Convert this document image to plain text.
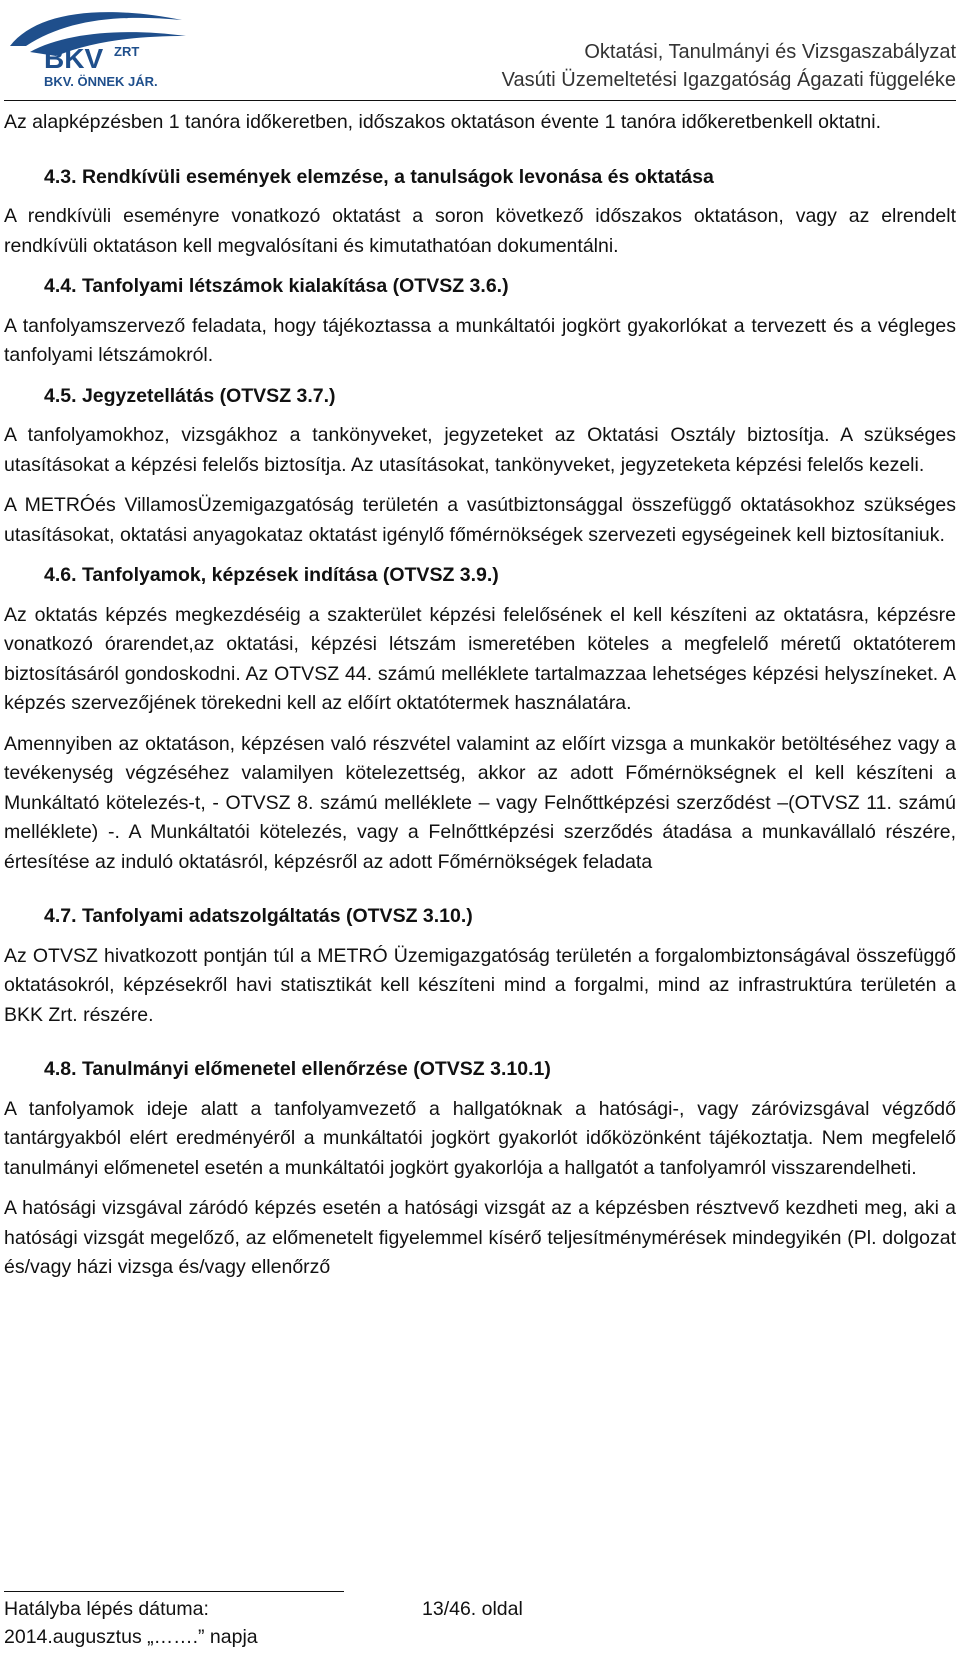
BKV ZRT
BKV. ÖNNEK JÁR.
Oktatási, Tanulmányi és Vizsgaszabályzat
Vasúti Üzemeltetési Igazgatóság Ágazati függeléke

Az alapképzésben 1 tanóra időkeretben, időszakos oktatáson évente 1 tanóra időkeretbenkell oktatni.

4.3. Rendkívüli események elemzése, a tanulságok levonása és oktatása

A rendkívüli eseményre vonatkozó oktatást a soron következő időszakos oktatáson, vagy az elrendelt rendkívüli oktatáson kell megvalósítani és kimutathatóan dokumentálni.

4.4. Tanfolyami létszámok kialakítása (OTVSZ 3.6.)

A tanfolyamszervező feladata, hogy tájékoztassa a munkáltatói jogkört gyakorlókat a tervezett és a végleges tanfolyami létszámokról.

4.5. Jegyzetellátás (OTVSZ 3.7.)

A tanfolyamokhoz, vizsgákhoz a tankönyveket, jegyzeteket az Oktatási Osztály biztosítja. A szükséges utasításokat a képzési felelős biztosítja. Az utasításokat, tankönyveket, jegyzeteketa képzési felelős kezeli.

A METRÓés VillamosÜzemigazgatóság területén a vasútbiztonsággal összefüggő oktatásokhoz szükséges utasításokat, oktatási anyagokataz oktatást igénylő főmérnökségek szervezeti egységeinek kell biztosítaniuk.

4.6. Tanfolyamok, képzések indítása (OTVSZ 3.9.)

Az oktatás képzés megkezdéséig a szakterület képzési felelősének el kell készíteni az oktatásra, képzésre vonatkozó órarendet,az oktatási, képzési létszám ismeretében köteles a megfelelő méretű oktatóterem biztosításáról gondoskodni. Az OTVSZ 44. számú melléklete tartalmazzaa lehetséges képzési helyszíneket. A képzés szervezőjének törekedni kell az előírt oktatótermek használatára.

Amennyiben az oktatáson, képzésen való részvétel valamint az előírt vizsga a munkakör betöltéséhez vagy a tevékenység végzéséhez valamilyen kötelezettség, akkor az adott Főmérnökségnek el kell készíteni a Munkáltató kötelezés-t, - OTVSZ 8. számú melléklete – vagy Felnőttképzési szerződést –(OTVSZ 11. számú melléklete) -. A Munkáltatói kötelezés, vagy a Felnőttképzési szerződés átadása a munkavállaló részére, értesítése az induló oktatásról, képzésről az adott Főmérnökségek feladata

4.7. Tanfolyami adatszolgáltatás (OTVSZ 3.10.)

Az OTVSZ hivatkozott pontján túl a METRÓ Üzemigazgatóság területén a forgalombiztonságával összefüggő oktatásokról, képzésekről havi statisztikát kell készíteni mind a forgalmi, mind az infrastruktúra területén a BKK Zrt. részére.

4.8. Tanulmányi előmenetel ellenőrzése (OTVSZ 3.10.1)

A tanfolyamok ideje alatt a tanfolyamvezető a hallgatóknak a hatósági-, vagy záróvizsgával végződő tantárgyakból elért eredményéről a munkáltatói jogkört gyakorlót időközönként tájékoztatja. Nem megfelelő tanulmányi előmenetel esetén a munkáltatói jogkört gyakorlója a hallgatót a tanfolyamról visszarendelheti.

A hatósági vizsgával záródó képzés esetén a hatósági vizsgát az a képzésben résztvevő kezdheti meg, aki a hatósági vizsgát megelőző, az előmenetelt figyelemmel kísérő teljesítménymérések mindegyikén (Pl. dolgozat és/vagy házi vizsga és/vagy ellenőrző

Hatályba lépés dátuma:	13/46. oldal
2014.augusztus „…….” napja
